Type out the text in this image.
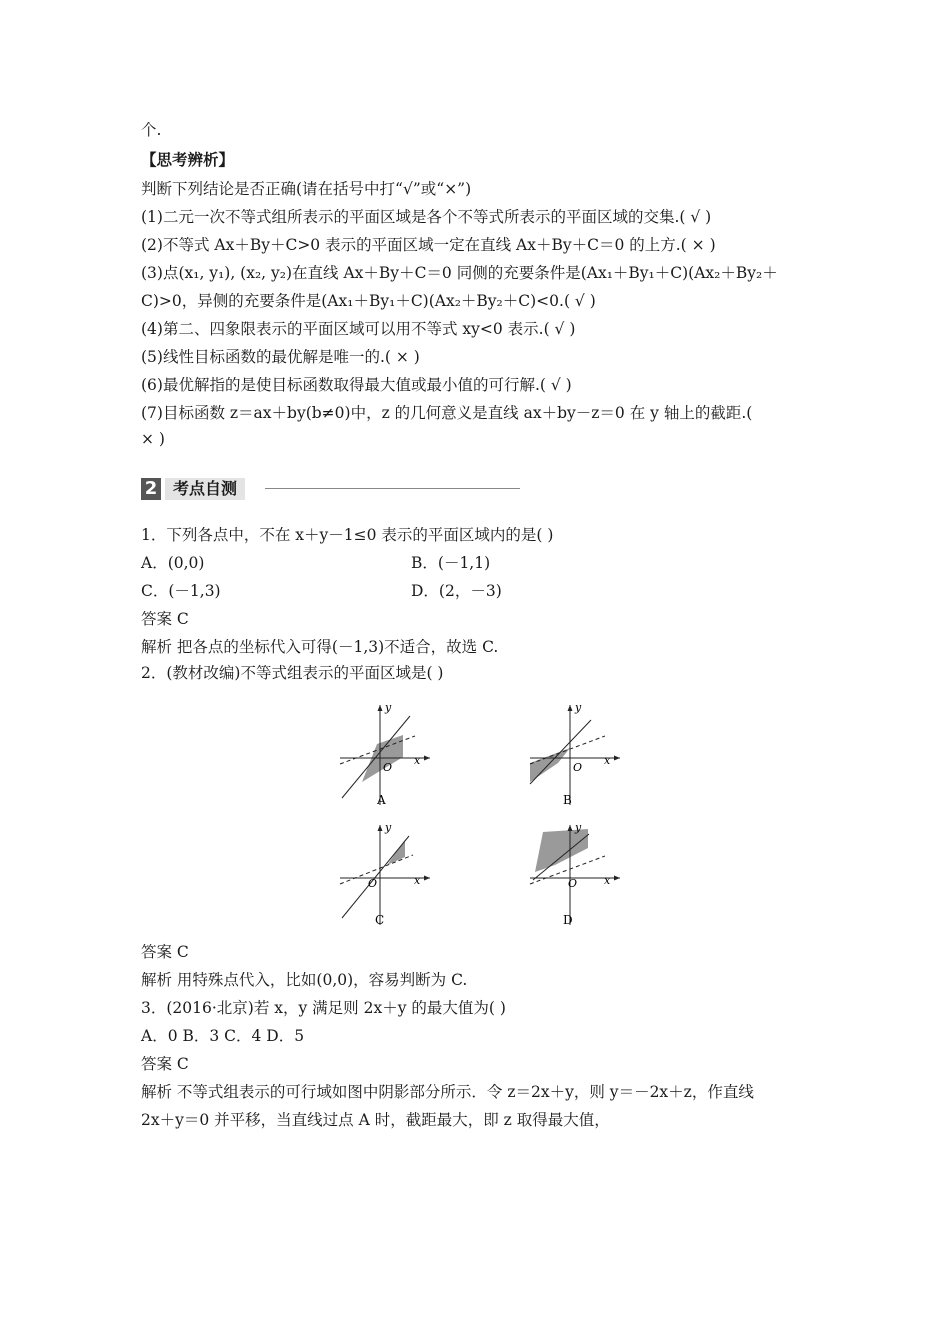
个.
【思考辨析】
判断下列结论是否正确(请在括号中打“√”或“×”)
(1)二元一次不等式组所表示的平面区域是各个不等式所表示的平面区域的交集.( √ )
(2)不等式 Ax＋By＋C>0 表示的平面区域一定在直线 Ax＋By＋C＝0 的上方.( × )
(3)点(x₁, y₁), (x₂, y₂)在直线 Ax＋By＋C＝0 同侧的充要条件是(Ax₁＋By₁＋C)(Ax₂＋By₂＋
C)>0，异侧的充要条件是(Ax₁＋By₁＋C)(Ax₂＋By₂＋C)<0.( √ )
(4)第二、四象限表示的平面区域可以用不等式 xy<0 表示.( √ )
(5)线性目标函数的最优解是唯一的.( × )
(6)最优解指的是使目标函数取得最大值或最小值的可行解.( √ )
(7)目标函数 z＝ax＋by(b≠0)中，z 的几何意义是直线 ax＋by－z＝0 在 y 轴上的截距.(
× )
2 考点自测
1．下列各点中，不在 x＋y－1≤0 表示的平面区域内的是( )
A．(0,0)	B．(－1,1)
C．(－1,3)	D．(2，－3)
答案 C
解析 把各点的坐标代入可得(－1,3)不适合，故选 C.
2．(教材改编)不等式组表示的平面区域是( )
x
y
O
A
x
y
O
B
x
y
O
C
x
y
O
D
答案 C
解析 用特殊点代入，比如(0,0)，容易判断为 C.
3．(2016·北京)若 x，y 满足则 2x＋y 的最大值为( )
A．0 B．3 C．4 D．5
答案 C
解析 不等式组表示的可行域如图中阴影部分所示．令 z＝2x＋y，则 y＝－2x＋z，作直线
2x＋y＝0 并平移，当直线过点 A 时，截距最大，即 z 取得最大值，
